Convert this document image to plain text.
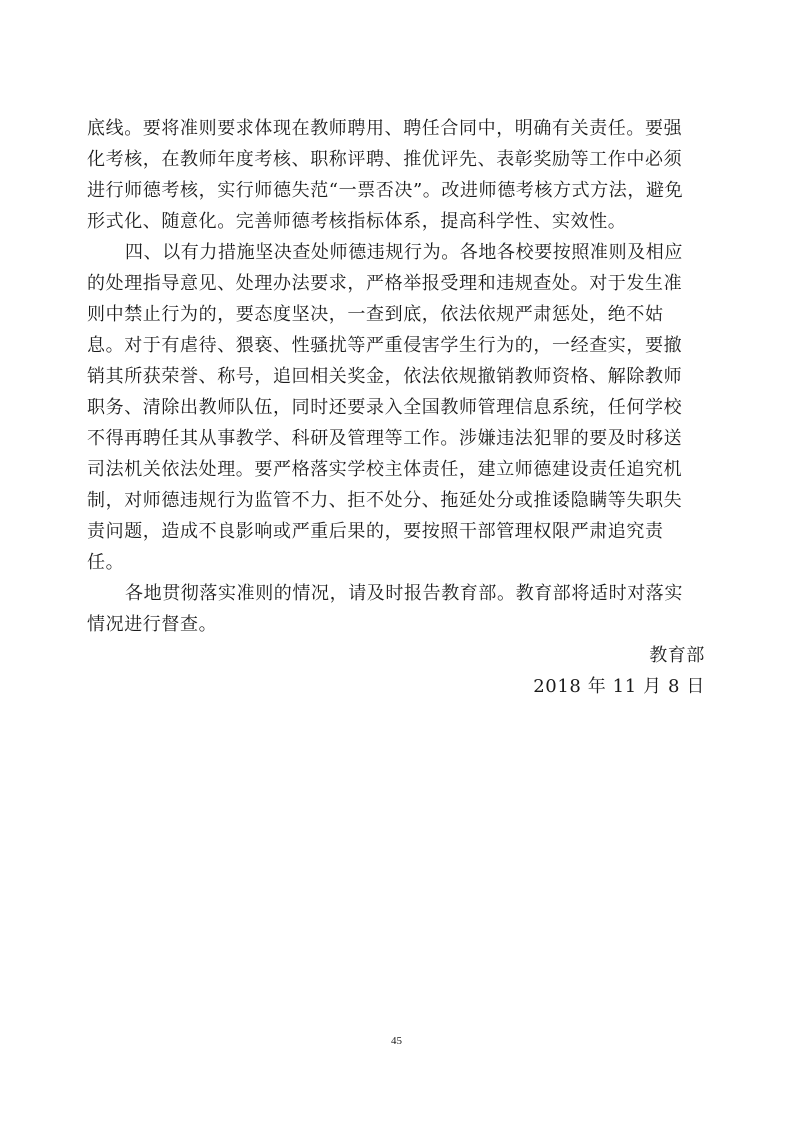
底线。要将准则要求体现在教师聘用、聘任合同中，明确有关责任。要强
化考核，在教师年度考核、职称评聘、推优评先、表彰奖励等工作中必须
进行师德考核，实行师德失范“一票否决”。改进师德考核方式方法，避免
形式化、随意化。完善师德考核指标体系，提高科学性、实效性。
四、以有力措施坚决查处师德违规行为。各地各校要按照准则及相应
的处理指导意见、处理办法要求，严格举报受理和违规查处。对于发生准
则中禁止行为的，要态度坚决，一查到底，依法依规严肃惩处，绝不姑
息。对于有虐待、猥亵、性骚扰等严重侵害学生行为的，一经查实，要撤
销其所获荣誉、称号，追回相关奖金，依法依规撤销教师资格、解除教师
职务、清除出教师队伍，同时还要录入全国教师管理信息系统，任何学校
不得再聘任其从事教学、科研及管理等工作。涉嫌违法犯罪的要及时移送
司法机关依法处理。要严格落实学校主体责任，建立师德建设责任追究机
制，对师德违规行为监管不力、拒不处分、拖延处分或推诿隐瞒等失职失
责问题，造成不良影响或严重后果的，要按照干部管理权限严肃追究责
任。
各地贯彻落实准则的情况，请及时报告教育部。教育部将适时对落实
情况进行督查。
教育部
2018 年 11 月 8 日
45
